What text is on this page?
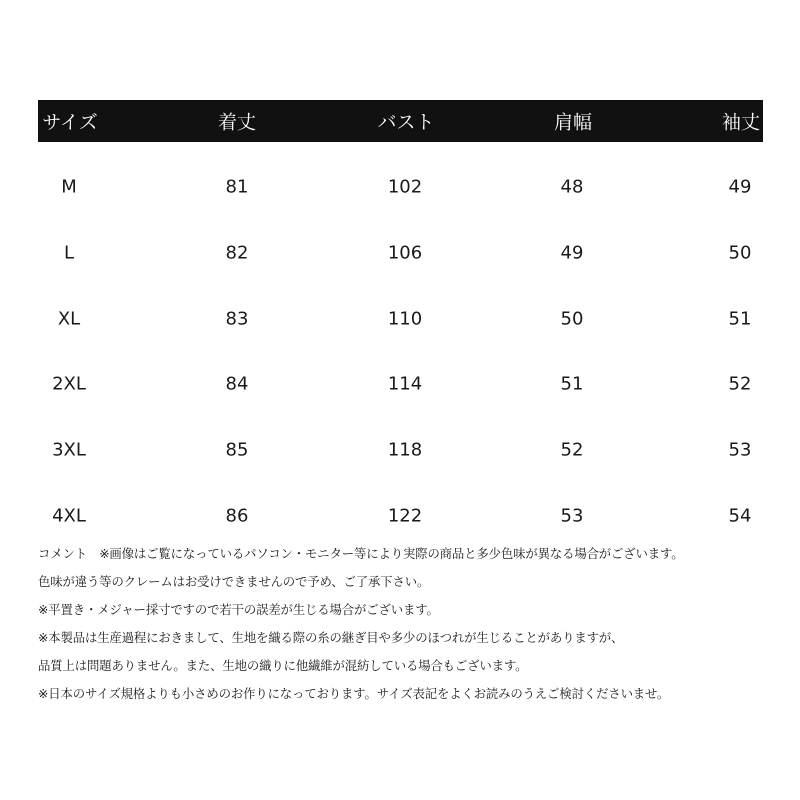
サイズ	着丈	バスト	肩幅	袖丈
M	81	102	48	49
L	82	106	49	50
XL	83	110	50	51
2XL	84	114	51	52
3XL	85	118	52	53
4XL	86	122	53	54
コメント　※画像はご覧になっているパソコン・モニター等により実際の商品と多少色味が異なる場合がございます。
色味が違う等のクレームはお受けできませんので予め、ご了承下さい。
※平置き・メジャー採寸ですので若干の誤差が生じる場合がございます。
※本製品は生産過程におきまして、生地を織る際の糸の継ぎ目や多少のほつれが生じることがありますが、
品質上は問題ありません。また、生地の織りに他繊維が混紡している場合もございます。
※日本のサイズ規格よりも小さめのお作りになっております。サイズ表記をよくお読みのうえご検討くださいませ。
